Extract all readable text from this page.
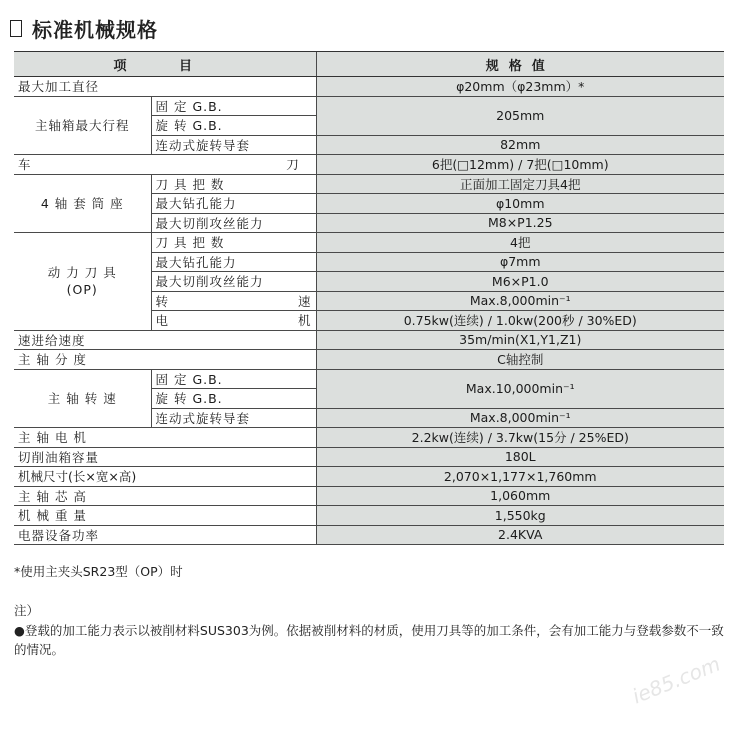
标准机械规格
项 目		规格值
最大加工直径		φ20mm（φ23mm）*
主轴箱最大行程	固 定 G.B.	205mm
	旋 转 G.B.	
	连动式旋转导套	82mm

车 刀		6把(□12mm) / 7把(□10mm)
4 轴 套 筒 座	刀 具 把 数	正面加工固定刀具4把
	最大钻孔能力	φ10mm
	最大切削攻丝能力	M8×P1.25

动 力 刀 具
(OP)	刀 具 把 数	4把
	最大钻孔能力	φ7mm
	最大切削攻丝能力	M6×P1.0

	转 速	Max.8,000min⁻¹

	电 机	0.75kw(连续) / 1.0kw(200秒 / 30%ED)
速进给速度		35m/min(X1,Y1,Z1)
主 轴 分 度		C轴控制
主 轴 转 速	固 定 G.B.	Max.10,000min⁻¹
	旋 转 G.B.	
	连动式旋转导套	Max.8,000min⁻¹
主 轴 电 机		2.2kw(连续) / 3.7kw(15分 / 25%ED)
切削油箱容量		180L
机械尺寸(长×宽×高)		2,070×1,177×1,760mm
主 轴 芯 高		1,060mm
机 械 重 量		1,550kg
电器设备功率		2.4KVA
*使用主夹头SR23型（OP）时
注）
●登载的加工能力表示以被削材料SUS303为例。依据被削材料的材质，使用刀具等的加工条件，会有加工能力与登载参数不一致的情况。
ie85.com
